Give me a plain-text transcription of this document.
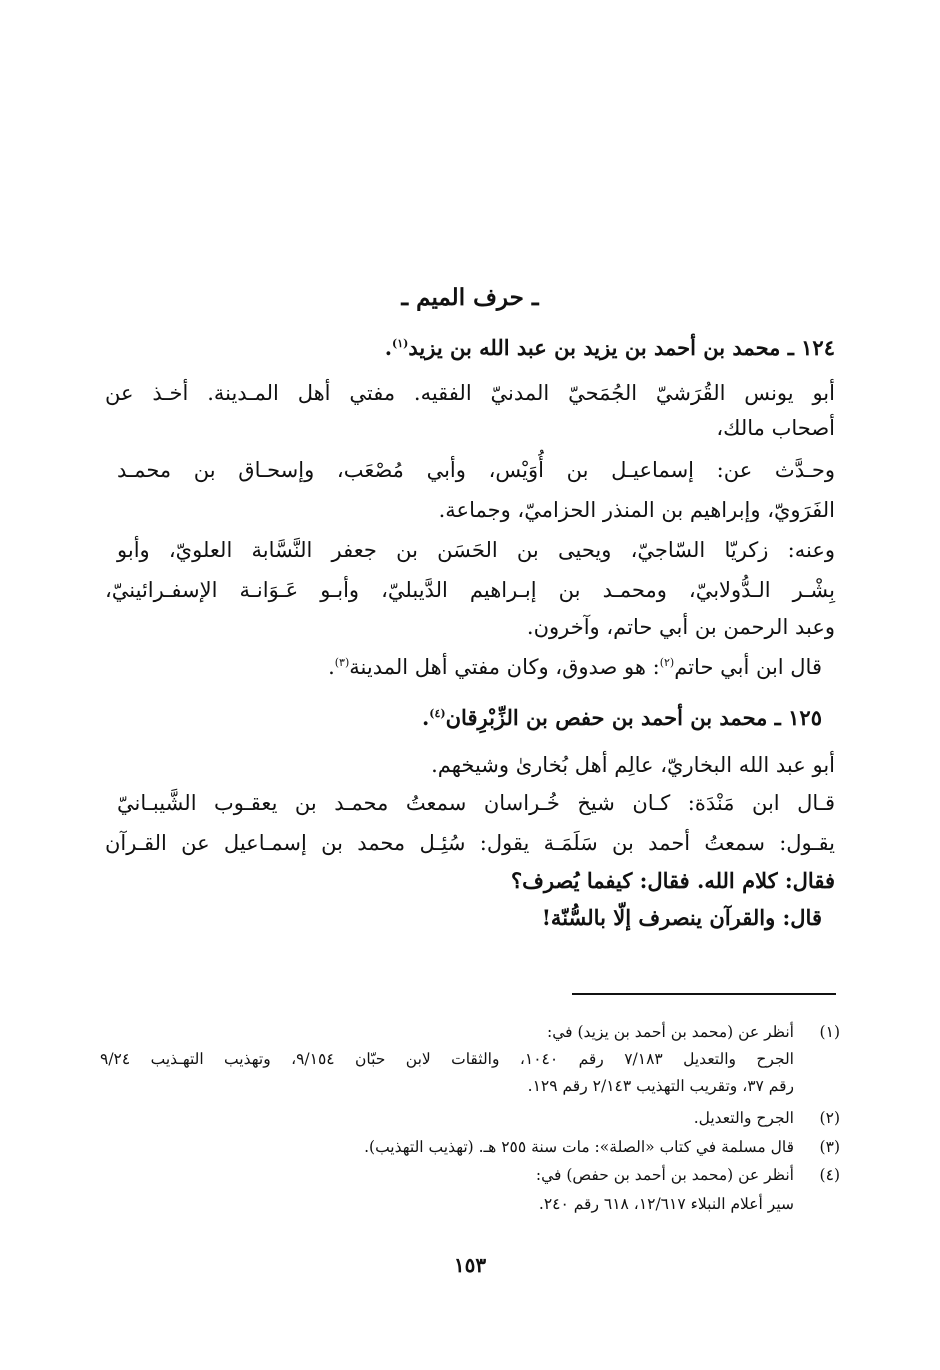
ـ حرف الميم ـ
١٢٤ ـ محمد بن أحمد بن يزيد بن عبد الله بن يزيد$^{(١)}$.
أبو يونس القُرَشيّ الجُمَحيّ المدنيّ الفقيه. مفتي أهل المـدينة. أخـذ عن
أصحاب مالك،
وحـدَّث عن: إسماعيـل بن أُوَيْس، وأبي مُصْعَب، وإسحـاق بن محمـد
الفَرَويّ، وإبراهيم بن المنذر الحزاميّ، وجماعة.
وعنه: زكريّا السّاجيّ، ويحيى بن الحَسَن بن جعفر النَّسَّابة العلويّ، وأبو
بِشْـر الـدُّولابيّ، ومحمـد بن إبـراهيم الدَّيبليّ، وأبـو عَـوَانـة الإسفـرائينيّ،
وعبد الرحمن بن أبي حاتم، وآخرون.
قال ابن أبي حاتم$^{(٢)}$: هو صدوق، وكان مفتي أهل المدينة$^{(٣)}$.
١٢٥ ـ محمد بن أحمد بن حفص بن الزِّبْرِقان$^{(٤)}$.
أبو عبد الله البخاريّ، عالِم أهل بُخارىٰ وشيخهم.
قـال ابن مَنْدَة: كـان شيخ خُـراسان سمعتُ محمـد بن يعقـوب الشَّيبـانيّ
يقـول: سمعتُ أحمد بن سَلَمَـة يقول: سُئِـل محمد بن إسمـاعيل عن القـرآن
فقال: كلام الله. فقال: كيفما يُصرف؟
قال: والقرآن ينصرف إلّا بالسُّنّة!
(١)أنظر عن (محمد بن أحمد بن يزيد) في:
الجرح والتعديل ٧/١٨٣ رقم ١٠٤٠، والثقات لابن حبّان ٩/١٥٤، وتهذيب التهـذيب ٩/٢٤
رقم ٣٧، وتقريب التهذيب ٢/١٤٣ رقم ١٢٩.
(٢)الجرح والتعديل.
(٣)قال مسلمة في كتاب «الصلة»: مات سنة ٢٥٥ هـ. (تهذيب التهذيب).
(٤)أنظر عن (محمد بن أحمد بن حفص) في:
سير أعلام النبلاء ١٢/٦١٧، ٦١٨ رقم ٢٤٠.
١٥٣
